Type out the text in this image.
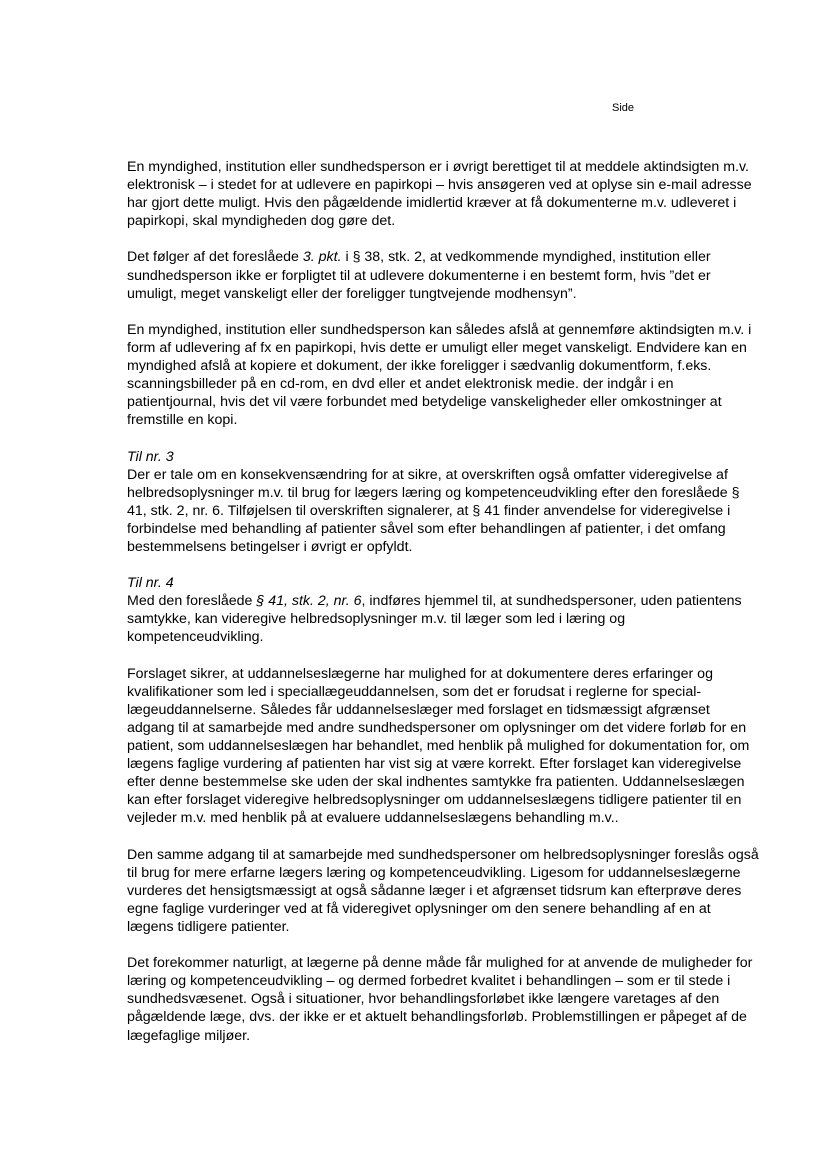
Side
En myndighed, institution eller sundhedsperson er i øvrigt berettiget til at meddele aktindsigten m.v.
elektronisk – i stedet for at udlevere en papirkopi – hvis ansøgeren ved at oplyse sin e-mail adresse
har gjort dette muligt. Hvis den pågældende imidlertid kræver at få dokumenterne m.v. udleveret i
papirkopi, skal myndigheden dog gøre det.
Det følger af det foreslåede 3. pkt. i § 38, stk. 2, at vedkommende myndighed, institution eller
sundhedsperson ikke er forpligtet til at udlevere dokumenterne i en bestemt form, hvis ”det er
umuligt, meget vanskeligt eller der foreligger tungtvejende modhensyn”.
En myndighed, institution eller sundhedsperson kan således afslå at gennemføre aktindsigten m.v. i
form af udlevering af fx en papirkopi, hvis dette er umuligt eller meget vanskeligt. Endvidere kan en
myndighed afslå at kopiere et dokument, der ikke foreligger i sædvanlig dokumentform, f.eks.
scanningsbilleder på en cd-rom, en dvd eller et andet elektronisk medie. der indgår i en
patientjournal, hvis det vil være forbundet med betydelige vanskeligheder eller omkostninger at
fremstille en kopi.
Til nr. 3
Der er tale om en konsekvensændring for at sikre, at overskriften også omfatter videregivelse af
helbredsoplysninger m.v. til brug for lægers læring og kompetenceudvikling efter den foreslåede §
41, stk. 2, nr. 6. Tilføjelsen til overskriften signalerer, at § 41 finder anvendelse for videregivelse i
forbindelse med behandling af patienter såvel som efter behandlingen af patienter, i det omfang
bestemmelsens betingelser i øvrigt er opfyldt.
Til nr. 4
Med den foreslåede § 41, stk. 2, nr. 6, indføres hjemmel til, at sundhedspersoner, uden patientens
samtykke, kan videregive helbredsoplysninger m.v. til læger som led i læring og
kompetenceudvikling.
Forslaget sikrer, at uddannelseslægerne har mulighed for at dokumentere deres erfaringer og
kvalifikationer som led i speciallægeuddannelsen, som det er forudsat i reglerne for special-
lægeuddannelserne. Således får uddannelseslæger med forslaget en tidsmæssigt afgrænset
adgang til at samarbejde med andre sundhedspersoner om oplysninger om det videre forløb for en
patient, som uddannelseslægen har behandlet, med henblik på mulighed for dokumentation for, om
lægens faglige vurdering af patienten har vist sig at være korrekt. Efter forslaget kan videregivelse
efter denne bestemmelse ske uden der skal indhentes samtykke fra patienten. Uddannelseslægen
kan efter forslaget videregive helbredsoplysninger om uddannelseslægens tidligere patienter til en
vejleder m.v. med henblik på at evaluere uddannelseslægens behandling m.v..
Den samme adgang til at samarbejde med sundhedspersoner om helbredsoplysninger foreslås også
til brug for mere erfarne lægers læring og kompetenceudvikling. Ligesom for uddannelseslægerne
vurderes det hensigtsmæssigt at også sådanne læger i et afgrænset tidsrum kan efterprøve deres
egne faglige vurderinger ved at få videregivet oplysninger om den senere behandling af en at
lægens tidligere patienter.
Det forekommer naturligt, at lægerne på denne måde får mulighed for at anvende de muligheder for
læring og kompetenceudvikling – og dermed forbedret kvalitet i behandlingen – som er til stede i
sundhedsvæsenet. Også i situationer, hvor behandlingsforløbet ikke længere varetages af den
pågældende læge, dvs. der ikke er et aktuelt behandlingsforløb. Problemstillingen er påpeget af de
lægefaglige miljøer.
